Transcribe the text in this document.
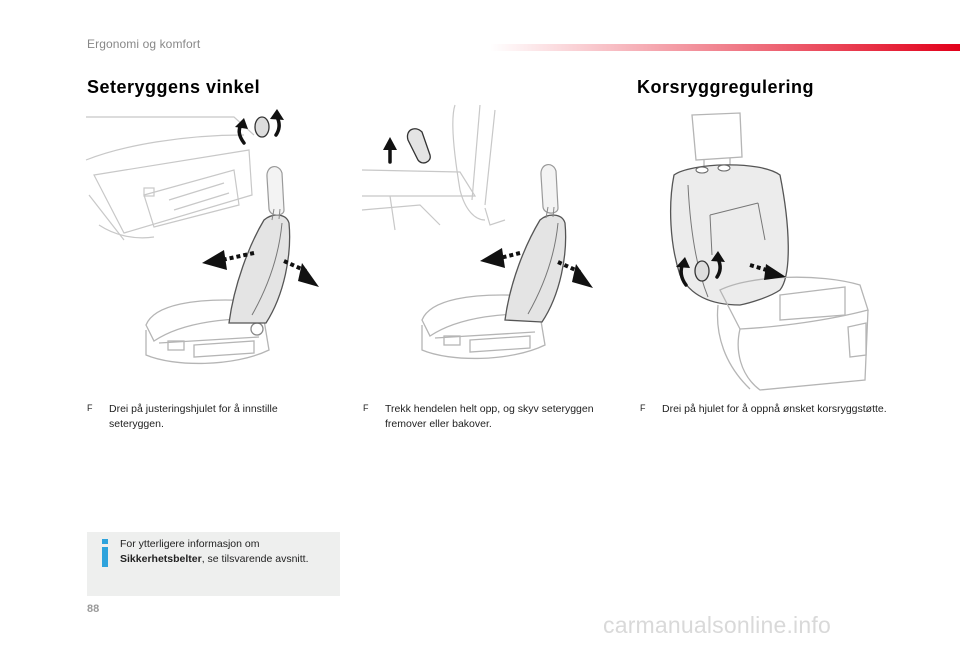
Ergonomi og komfort
Seteryggens vinkel	Korsryggregulering
F Drei på justeringshjulet for å innstille seteryggen.
F Trekk hendelen helt opp, og skyv seteryggen fremover eller bakover.
F Drei på hjulet for å oppnå ønsket korsryggstøtte.
For ytterligere informasjon om Sikkerhetsbelter, se tilsvarende avsnitt.
88
carmanualsonline.info
